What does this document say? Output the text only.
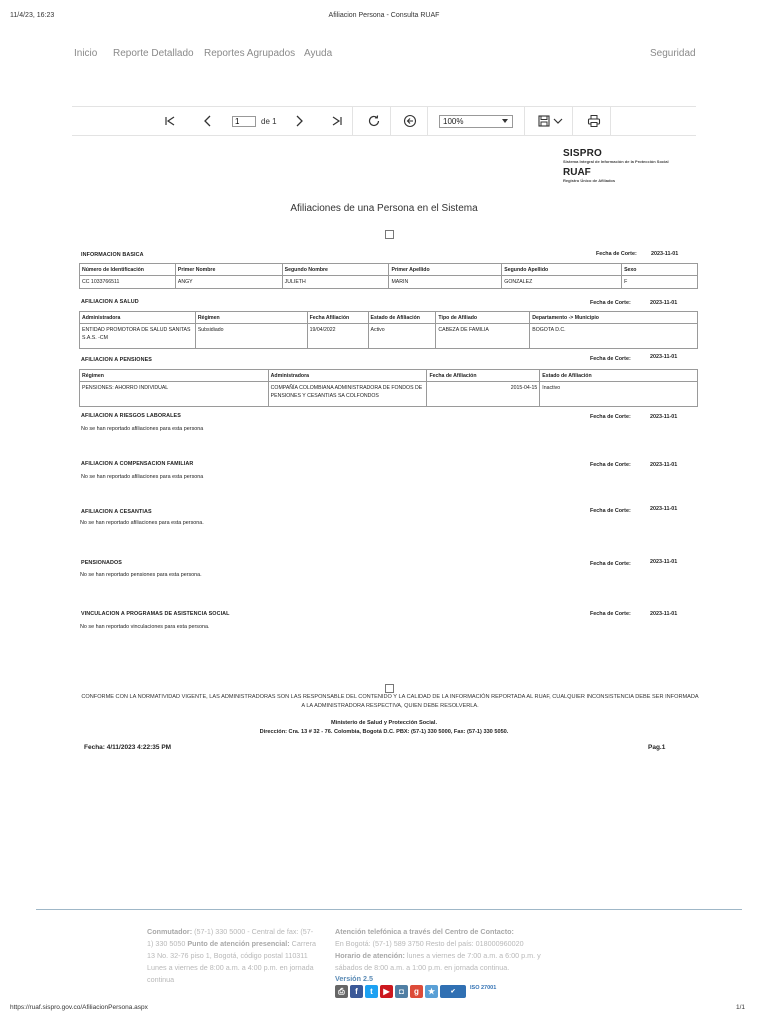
11/4/23, 16:23	Afiliacion Persona - Consulta RUAF
Inicio Reporte Detallado Reportes Agrupados Ayuda	Seguridad
1
de 1	100%
SISPRO
Sistema Integral de Información de la Protección Social
RUAF
Registro Único de Afiliados
Afiliaciones de una Persona en el Sistema
INFORMACION BASICA	Fecha de Corte:	2023-11-01
Número de Identificación	Primer Nombre	Segundo Nombre	Primer Apellido	Segundo Apellido	Sexo
CC 1033766511	ANGY	JULIETH	MARIN	GONZALEZ	F
AFILIACION A SALUD	Fecha de Corte:	2023-11-01
Administradora	Régimen	Fecha Afiliación	Estado de Afiliación	Tipo de Afiliado	Departamento -> Municipio
ENTIDAD PROMOTORA DE SALUD SANITAS S.A.S. -CM	Subsidiado	19/04/2022	Activo	CABEZA DE FAMILIA	BOGOTA D.C.
AFILIACION A PENSIONES	Fecha de Corte:	2023-11-01
Régimen	Administradora	Fecha de Afiliación	Estado de Afiliación
PENSIONES: AHORRO INDIVIDUAL	COMPAÑÍA COLOMBIANA ADMINISTRADORA DE FONDOS DE PENSIONES Y CESANTIAS SA COLFONDOS	2015-04-15	Inactivo
AFILIACION A RIESGOS LABORALES	Fecha de Corte:	2023-11-01
No se han reportado afiliaciones para esta persona
AFILIACION A COMPENSACION FAMILIAR	Fecha de Corte:	2023-11-01
No se han reportado afiliaciones para esta persona
AFILIACION A CESANTIAS	Fecha de Corte:	2023-11-01
No se han reportado afiliaciones para esta persona.
PENSIONADOS	Fecha de Corte:	2023-11-01
No se han reportado pensiones para esta persona.
VINCULACION A PROGRAMAS DE ASISTENCIA SOCIAL	Fecha de Corte:	2023-11-01
No se han reportado vinculaciones para esta persona.
CONFORME CON LA NORMATIVIDAD VIGENTE, LAS ADMINISTRADORAS SON LAS RESPONSABLE DEL CONTENIDO Y LA CALIDAD DE LA INFORMACIÓN REPORTADA AL RUAF, CUALQUIER INCONSISTENCIA DEBE SER INFORMADA A LA ADMINISTRADORA RESPECTIVA, QUIEN DEBE RESOLVERLA.
Ministerio de Salud y Protección Social.
Dirección: Cra. 13 # 32 - 76. Colombia, Bogotá D.C. PBX: (57-1) 330 5000, Fax: (57-1) 330 5050.
Fecha: 4/11/2023 4:22:35 PM	Pag.1
Conmutador: (57-1) 330 5000 - Central de fax: (57-1) 330 5050 Punto de atención presencial: Carrera 13 No. 32-76 piso 1, Bogotá, código postal 110311 Lunes a viernes de 8:00 a.m. a 4:00 p.m. en jornada continua
Atención telefónica a través del Centro de Contacto:
En Bogotá: (57-1) 589 3750 Resto del país: 018000960020
Horario de atención: lunes a viernes de 7:00 a.m. a 6:00 p.m. y sábados de 8:00 a.m. a 1:00 p.m. en jornada continua.
Versión 2.5
⎙	f	t	▶	◘	g	★	✔
ISO 27001
https://ruaf.sispro.gov.co/AfiliacionPersona.aspx	1/1
